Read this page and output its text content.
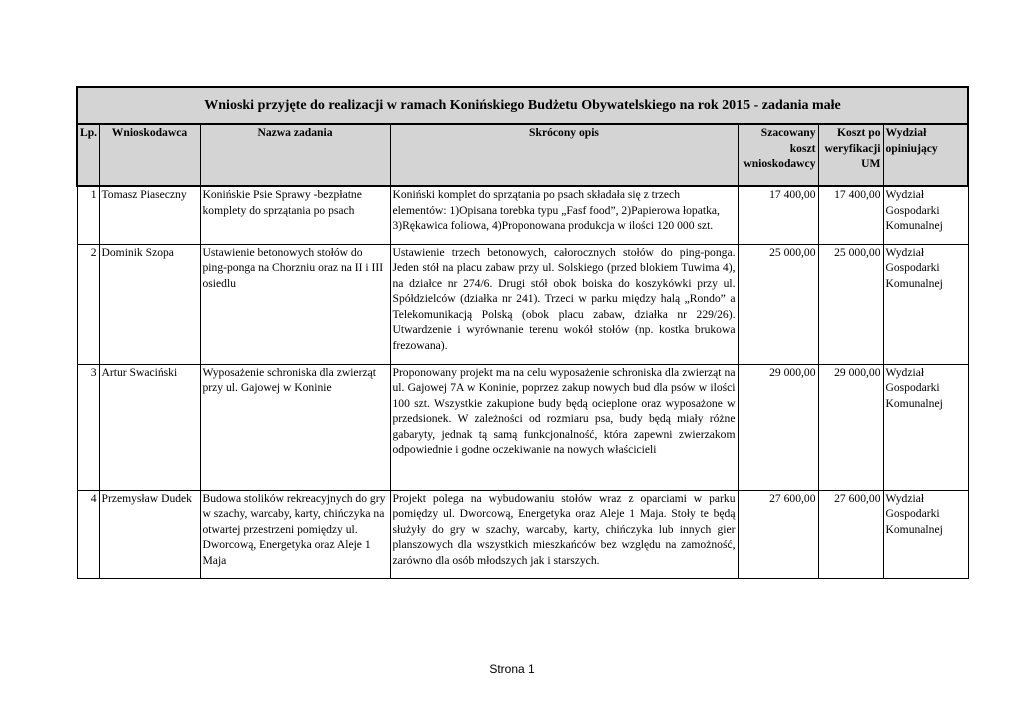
Wnioski przyjęte do realizacji w ramach Konińskiego Budżetu Obywatelskiego na rok 2015 - zadania małe						
Lp.	Wnioskodawca	Nazwa zadania	Skrócony opis	Szacowany koszt wnioskodawcy	Koszt po weryfikacji UM	Wydział opiniujący
1	Tomasz Piaseczny	Konińskie Psie Sprawy -bezpłatne komplety do sprzątania po psach	Koniński komplet do sprzątania po psach składała się z trzech elementów: 1)Opisana torebka typu „Fasf food”, 2)Papierowa łopatka, 3)Rękawica foliowa, 4)Proponowana produkcja w ilości 120 000 szt.	17 400,00	17 400,00	Wydział Gospodarki Komunalnej
2	Dominik Szopa	Ustawienie betonowych stołów do ping-ponga na Chorzniu oraz na II i III osiedlu	Ustawienie trzech betonowych, całorocznych stołów do ping-ponga. Jeden stół na placu zabaw przy ul. Solskiego (przed blokiem Tuwima 4), na działce nr 274/6. Drugi stół obok boiska do koszykówki przy ul. Spółdzielców (działka nr 241). Trzeci w parku między halą „Rondo” a Telekomunikacją Polską (obok placu zabaw, działka nr 229/26). Utwardzenie i wyrównanie terenu wokół stołów (np. kostka brukowa frezowana).	25 000,00	25 000,00	Wydział Gospodarki Komunalnej
3	Artur Swaciński	Wyposażenie schroniska dla zwierząt przy ul. Gajowej w Koninie	Proponowany projekt ma na celu wyposażenie schroniska dla zwierząt na ul. Gajowej 7A w Koninie, poprzez zakup nowych bud dla psów w ilości 100 szt. Wszystkie zakupione budy będą ocieplone oraz wyposażone w przedsionek. W zależności od rozmiaru psa, budy będą miały różne gabaryty, jednak tą samą funkcjonalność, która zapewni zwierzakom odpowiednie i godne oczekiwanie na nowych właścicieli	29 000,00	29 000,00	Wydział Gospodarki Komunalnej
4	Przemysław Dudek	Budowa stolików rekreacyjnych do gry w szachy, warcaby, karty, chińczyka na otwartej przestrzeni pomiędzy ul. Dworcową, Energetyka oraz Aleje 1 Maja	Projekt polega na wybudowaniu stołów wraz z oparciami w parku pomiędzy ul. Dworcową, Energetyka oraz Aleje 1 Maja. Stoły te będą służyły do gry w szachy, warcaby, karty, chińczyka lub innych gier planszowych dla wszystkich mieszkańców bez względu na zamożność, zarówno dla osób młodszych jak i starszych.	27 600,00	27 600,00	Wydział Gospodarki Komunalnej
Strona 1
